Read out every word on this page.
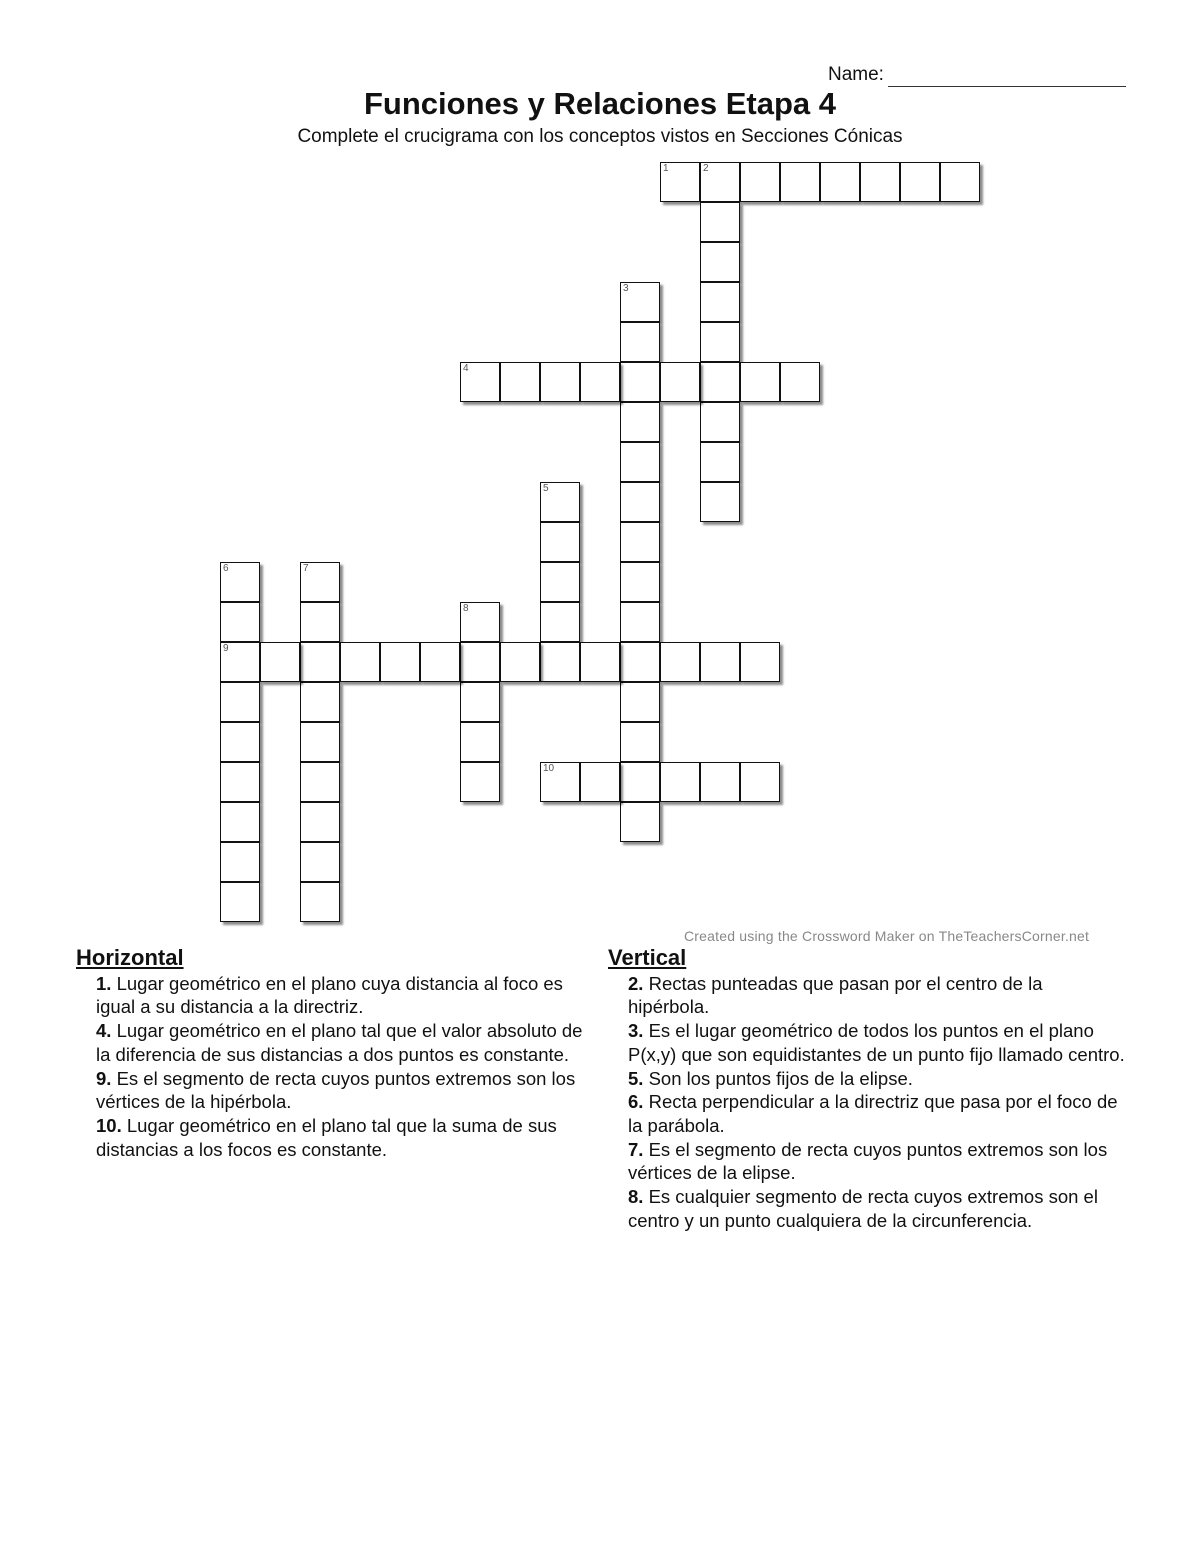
Name:
Funciones y Relaciones Etapa 4
Complete el crucigrama con los conceptos vistos en Secciones Cónicas
1	2
3
4
5
6
9
7
8
10
Created using the Crossword Maker on TheTeachersCorner.net
Horizontal
1. Lugar geométrico en el plano cuya distancia al foco es igual a su distancia a la directriz.
4. Lugar geométrico en el plano tal que el valor absoluto de la diferencia de sus distancias a dos puntos es constante.
9. Es el segmento de recta cuyos puntos extremos son los vértices de la hipérbola.
10. Lugar geométrico en el plano tal que la suma de sus distancias a los focos es constante.
Vertical
2. Rectas punteadas que pasan por el centro de la hipérbola.
3. Es el lugar geométrico de todos los puntos en el plano P(x,y) que son equidistantes de un punto fijo llamado centro.
5. Son los puntos fijos de la elipse.
6. Recta perpendicular a la directriz que pasa por el foco de la parábola.
7. Es el segmento de recta cuyos puntos extremos son los vértices de la elipse.
8. Es cualquier segmento de recta cuyos extremos son el centro y un punto cualquiera de la circunferencia.
